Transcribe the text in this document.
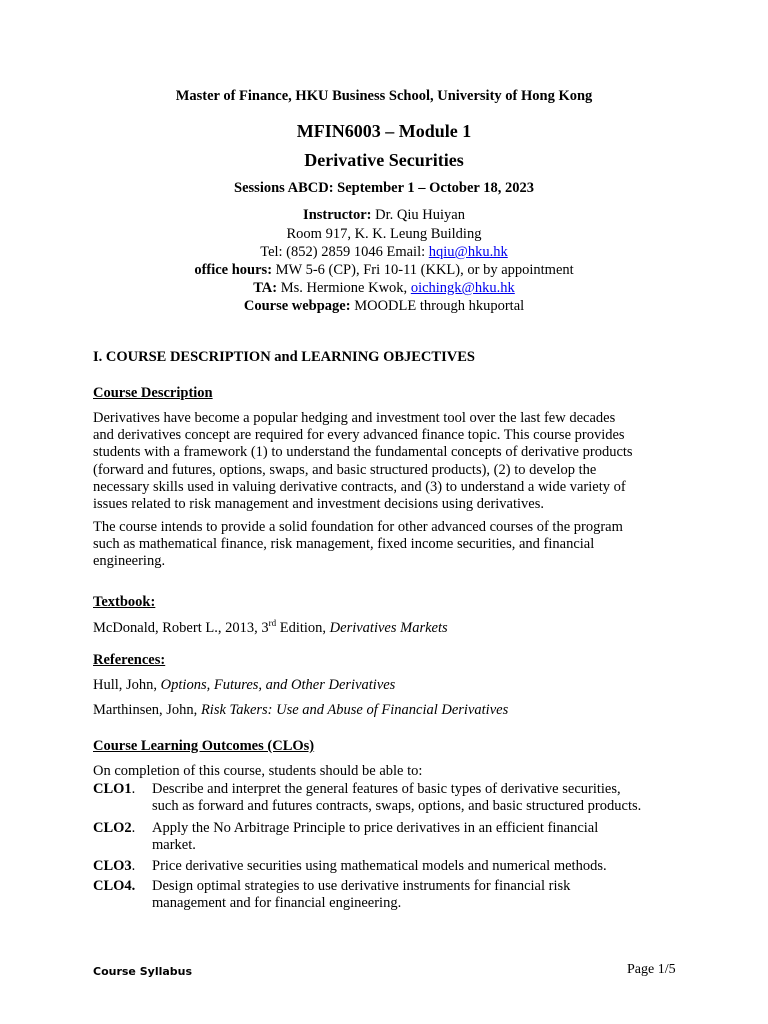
Master of Finance, HKU Business School, University of Hong Kong
MFIN6003 – Module 1
Derivative Securities
Sessions ABCD: September 1 – October 18, 2023
Instructor: Dr. Qiu Huiyan
Room 917, K. K. Leung Building
Tel: (852) 2859 1046 Email: hqiu@hku.hk
office hours: MW 5-6 (CP), Fri 10-11 (KKL), or by appointment
TA: Ms. Hermione Kwok, oichingk@hku.hk
Course webpage: MOODLE through hkuportal
I. COURSE DESCRIPTION and LEARNING OBJECTIVES
Course Description
Derivatives have become a popular hedging and investment tool over the last few decades
and derivatives concept are required for every advanced finance topic. This course provides
students with a framework (1) to understand the fundamental concepts of derivative products
(forward and futures, options, swaps, and basic structured products), (2) to develop the
necessary skills used in valuing derivative contracts, and (3) to understand a wide variety of
issues related to risk management and investment decisions using derivatives.
The course intends to provide a solid foundation for other advanced courses of the program
such as mathematical finance, risk management, fixed income securities, and financial
engineering.
Textbook:
McDonald, Robert L., 2013, 3rd Edition, Derivatives Markets
References:
Hull, John, Options, Futures, and Other Derivatives
Marthinsen, John, Risk Takers: Use and Abuse of Financial Derivatives
Course Learning Outcomes (CLOs)
On completion of this course, students should be able to:
CLO1. Describe and interpret the general features of basic types of derivative securities,
such as forward and futures contracts, swaps, options, and basic structured products.
CLO2. Apply the No Arbitrage Principle to price derivatives in an efficient financial
market.
CLO3. Price derivative securities using mathematical models and numerical methods.
CLO4. Design optimal strategies to use derivative instruments for financial risk
management and for financial engineering.
Course Syllabus	Page 1/5
